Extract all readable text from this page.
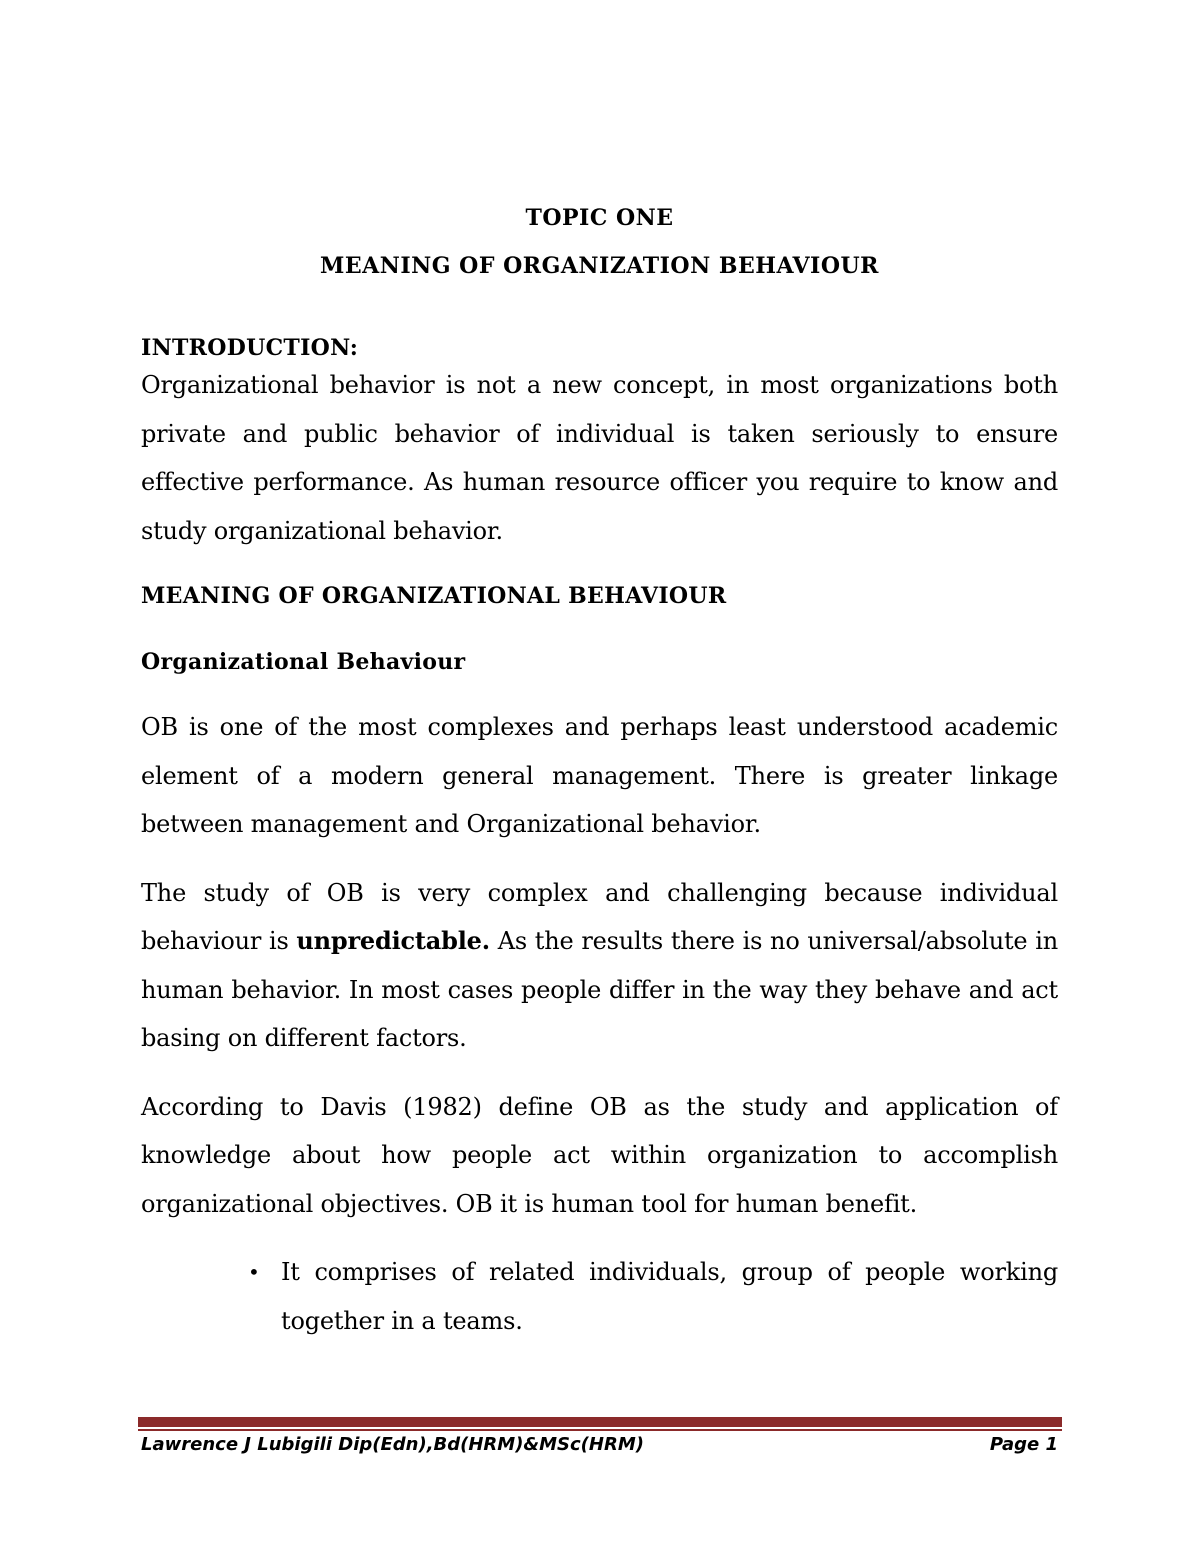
TOPIC ONE

MEANING OF ORGANIZATION BEHAVIOUR

INTRODUCTION:

Organizational behavior is not a new concept, in most organizations both private and public behavior of individual is taken seriously to ensure effective performance. As human resource officer you require to know and study organizational behavior.

MEANING OF ORGANIZATIONAL BEHAVIOUR

Organizational Behaviour

OB is one of the most complexes and perhaps least understood academic element of a modern general management. There is greater linkage between management and Organizational behavior.

The study of OB is very complex and challenging because individual behaviour is unpredictable. As the results there is no universal/absolute in human behavior. In most cases people differ in the way they behave and act basing on different factors.

According to Davis (1982) define OB as the study and application of knowledge about how people act within organization to accomplish organizational objectives. OB it is human tool for human benefit.

• It comprises of related individuals, group of people working together in a teams.
Lawrence J Lubigili Dip(Edn),Bd(HRM)&MSc(HRM)	Page 1
